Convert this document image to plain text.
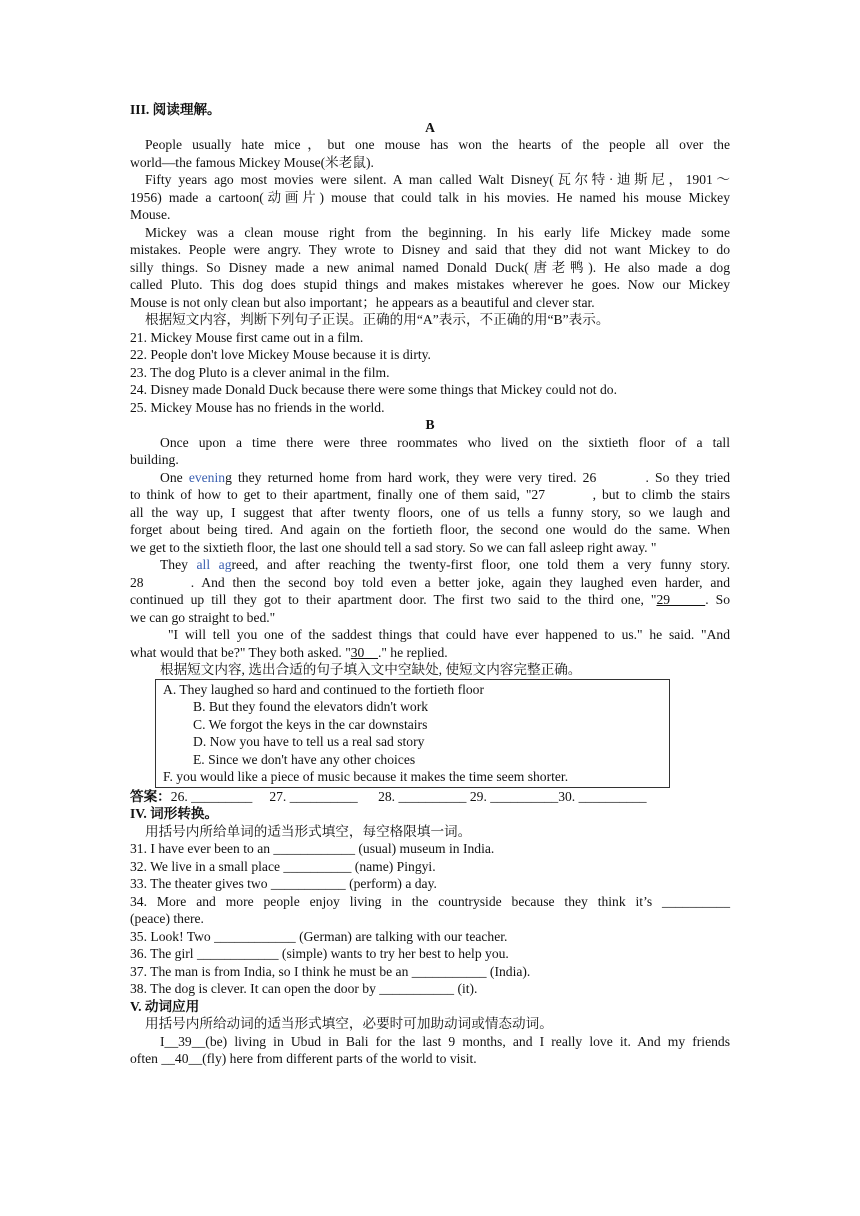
III. 阅读理解。
A
People usually hate mice，but one mouse has won the hearts of the people all over the
world—the famous Mickey Mouse(米老鼠).
Fifty years ago most movies were silent. A man called Walt Disney(瓦尔特·迪斯尼，1901～
1956) made a cartoon(动画片) mouse that could talk in his movies. He named his mouse Mickey
Mouse.
Mickey was a clean mouse right from the beginning. In his early life Mickey made some
mistakes. People were angry. They wrote to Disney and said that they did not want Mickey to do
silly things. So Disney made a new animal named Donald Duck(唐老鸭). He also made a dog
called Pluto. This dog does stupid things and makes mistakes wherever he goes. Now our Mickey
Mouse is not only clean but also important；he appears as a beautiful and clever star.
根据短文内容，判断下列句子正误。正确的用“A”表示，不正确的用“B”表示。
21. Mickey Mouse first came out in a film.
22. People don't love Mickey Mouse because it is dirty.
23. The dog Pluto is a clever animal in the film.
24. Disney made Donald Duck because there were some things that Mickey could not do.
25. Mickey Mouse has no friends in the world.
B
Once upon a time there were three roommates who lived on the sixtieth floor of a tall
building.
One evening they returned home from hard work, they were very tired. 26        . So they tried
to think of how to get to their apartment, finally one of them said, "27        , but to climb the stairs
all the way up, I suggest that after twenty floors, one of us tells a funny story, so we laugh and
forget about being tired. And again on the fortieth floor, the second one would do the same. When
we get to the sixtieth floor, the last one should tell a sad story. So we can fall asleep right away. "
They all agreed, and after reaching the twenty-first floor, one told them a very funny story.
28      . And then the second boy told even a better joke, again they laughed even harder, and
continued up till they got to their apartment door. The first two said to the third one, "29     . So
we can go straight to bed."
"I will tell you one of the saddest things that could have ever happened to us." he said. "And
what would that be?" They both asked. "30    ." he replied.
根据短文内容, 选出合适的句子填入文中空缺处, 使短文内容完整正确。
A. They laughed so hard and continued to the fortieth floor
B. But they found the elevators didn't work
C. We forgot the keys in the car downstairs
D. Now you have to tell us a real sad story
E. Since we don't have any other choices
F. you would like a piece of music because it makes the time seem shorter.
答案：26. _________     27. __________      28. __________ 29. __________30. __________
IV. 词形转换。
用括号内所给单词的适当形式填空，每空格限填一词。
31. I have ever been to an ____________ (usual) museum in India.
32. We live in a small place __________ (name) Pingyi.
33. The theater gives two ___________ (perform) a day.
34. More and more people enjoy living in the countryside because they think it’s __________
(peace) there.
35. Look! Two ____________ (German) are talking with our teacher.
36. The girl ____________ (simple) wants to try her best to help you.
37. The man is from India, so I think he must be an ___________ (India).
38. The dog is clever. It can open the door by ___________ (it).
V. 动词应用
用括号内所给动词的适当形式填空，必要时可加助动词或情态动词。
I__39__(be) living in Ubud in Bali for the last 9 months, and I really love it. And my friends
often __40__(fly) here from different parts of the world to visit.
